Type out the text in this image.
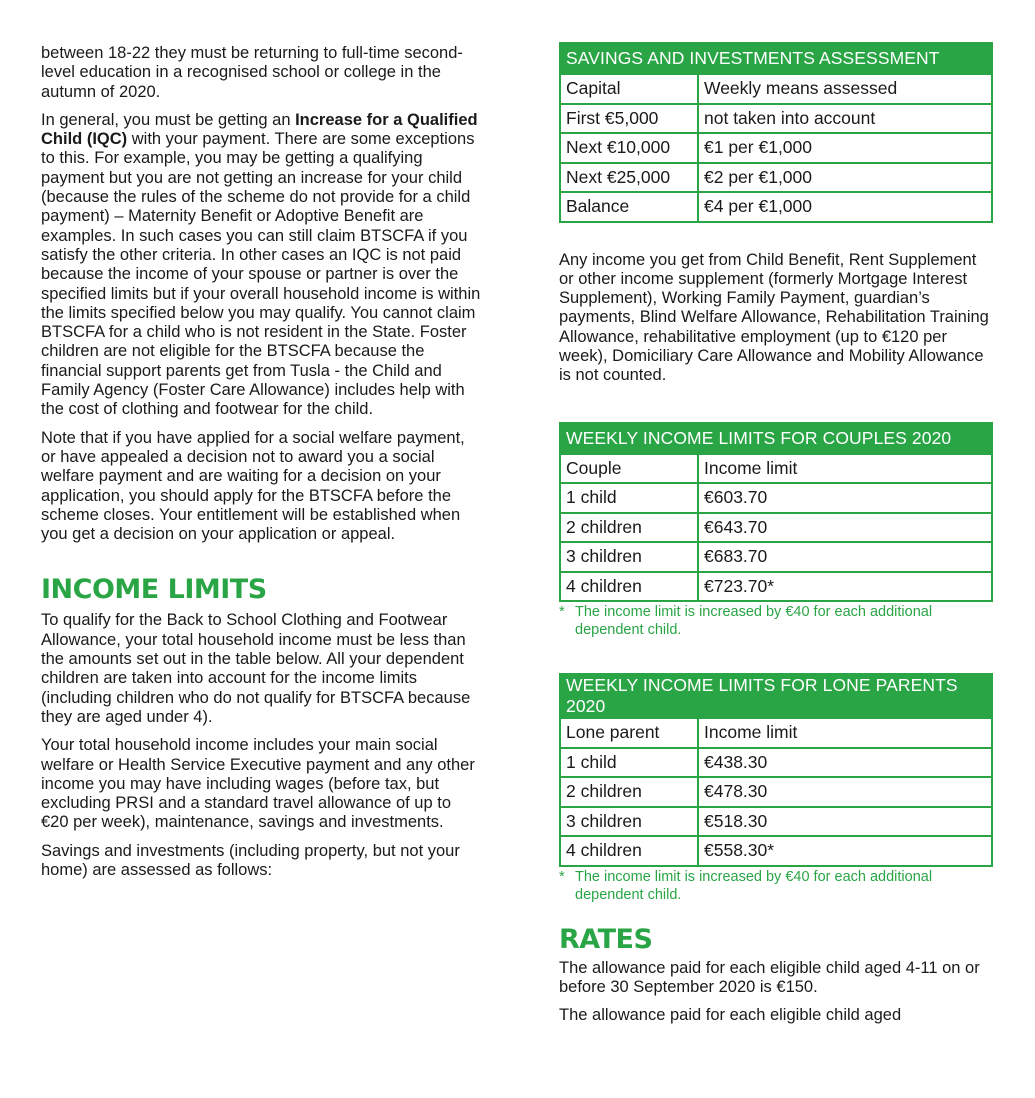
between 18-22 they must be returning to full-time second-level education in a recognised school or college in the autumn of 2020.

In general, you must be getting an Increase for a Qualified Child (IQC) with your payment. There are some exceptions to this. For example, you may be getting a qualifying payment but you are not getting an increase for your child (because the rules of the scheme do not provide for a child payment) – Maternity Benefit or Adoptive Benefit are examples. In such cases you can still claim BTSCFA if you satisfy the other criteria. In other cases an IQC is not paid because the income of your spouse or partner is over the specified limits but if your overall household income is within the limits specified below you may qualify. You cannot claim BTSCFA for a child who is not resident in the State. Foster children are not eligible for the BTSCFA because the financial support parents get from Tusla - the Child and Family Agency (Foster Care Allowance) includes help with the cost of clothing and footwear for the child.

Note that if you have applied for a social welfare payment, or have appealed a decision not to award you a social welfare payment and are waiting for a decision on your application, you should apply for the BTSCFA before the scheme closes. Your entitlement will be established when you get a decision on your application or appeal.

INCOME LIMITS

To qualify for the Back to School Clothing and Footwear Allowance, your total household income must be less than the amounts set out in the table below. All your dependent children are taken into account for the income limits (including children who do not qualify for BTSCFA because they are aged under 4).

Your total household income includes your main social welfare or Health Service Executive payment and any other income you may have including wages (before tax, but excluding PRSI and a standard travel allowance of up to €20 per week), maintenance, savings and investments.

Savings and investments (including property, but not your home) are assessed as follows:

SAVINGS AND INVESTMENTS ASSESSMENT	
Capital	Weekly means assessed
First €5,000	not taken into account
Next €10,000	€1 per €1,000
Next €25,000	€2 per €1,000
Balance	€4 per €1,000

Any income you get from Child Benefit, Rent Supplement or other income supplement (formerly Mortgage Interest Supplement), Working Family Payment, guardian’s payments, Blind Welfare Allowance, Rehabilitation Training Allowance, rehabilitative employment (up to €120 per week), Domiciliary Care Allowance and Mobility Allowance is not counted.

WEEKLY INCOME LIMITS FOR COUPLES 2020	
Couple	Income limit
1 child	€603.70
2 children	€643.70
3 children	€683.70
4 children	€723.70*
* The income limit is increased by €40 for each additional dependent child.
WEEKLY INCOME LIMITS FOR LONE PARENTS 2020	
Lone parent	Income limit
1 child	€438.30
2 children	€478.30
3 children	€518.30
4 children	€558.30*
* The income limit is increased by €40 for each additional dependent child.
RATES

The allowance paid for each eligible child aged 4-11 on or before 30 September 2020 is €150.

The allowance paid for each eligible child aged
